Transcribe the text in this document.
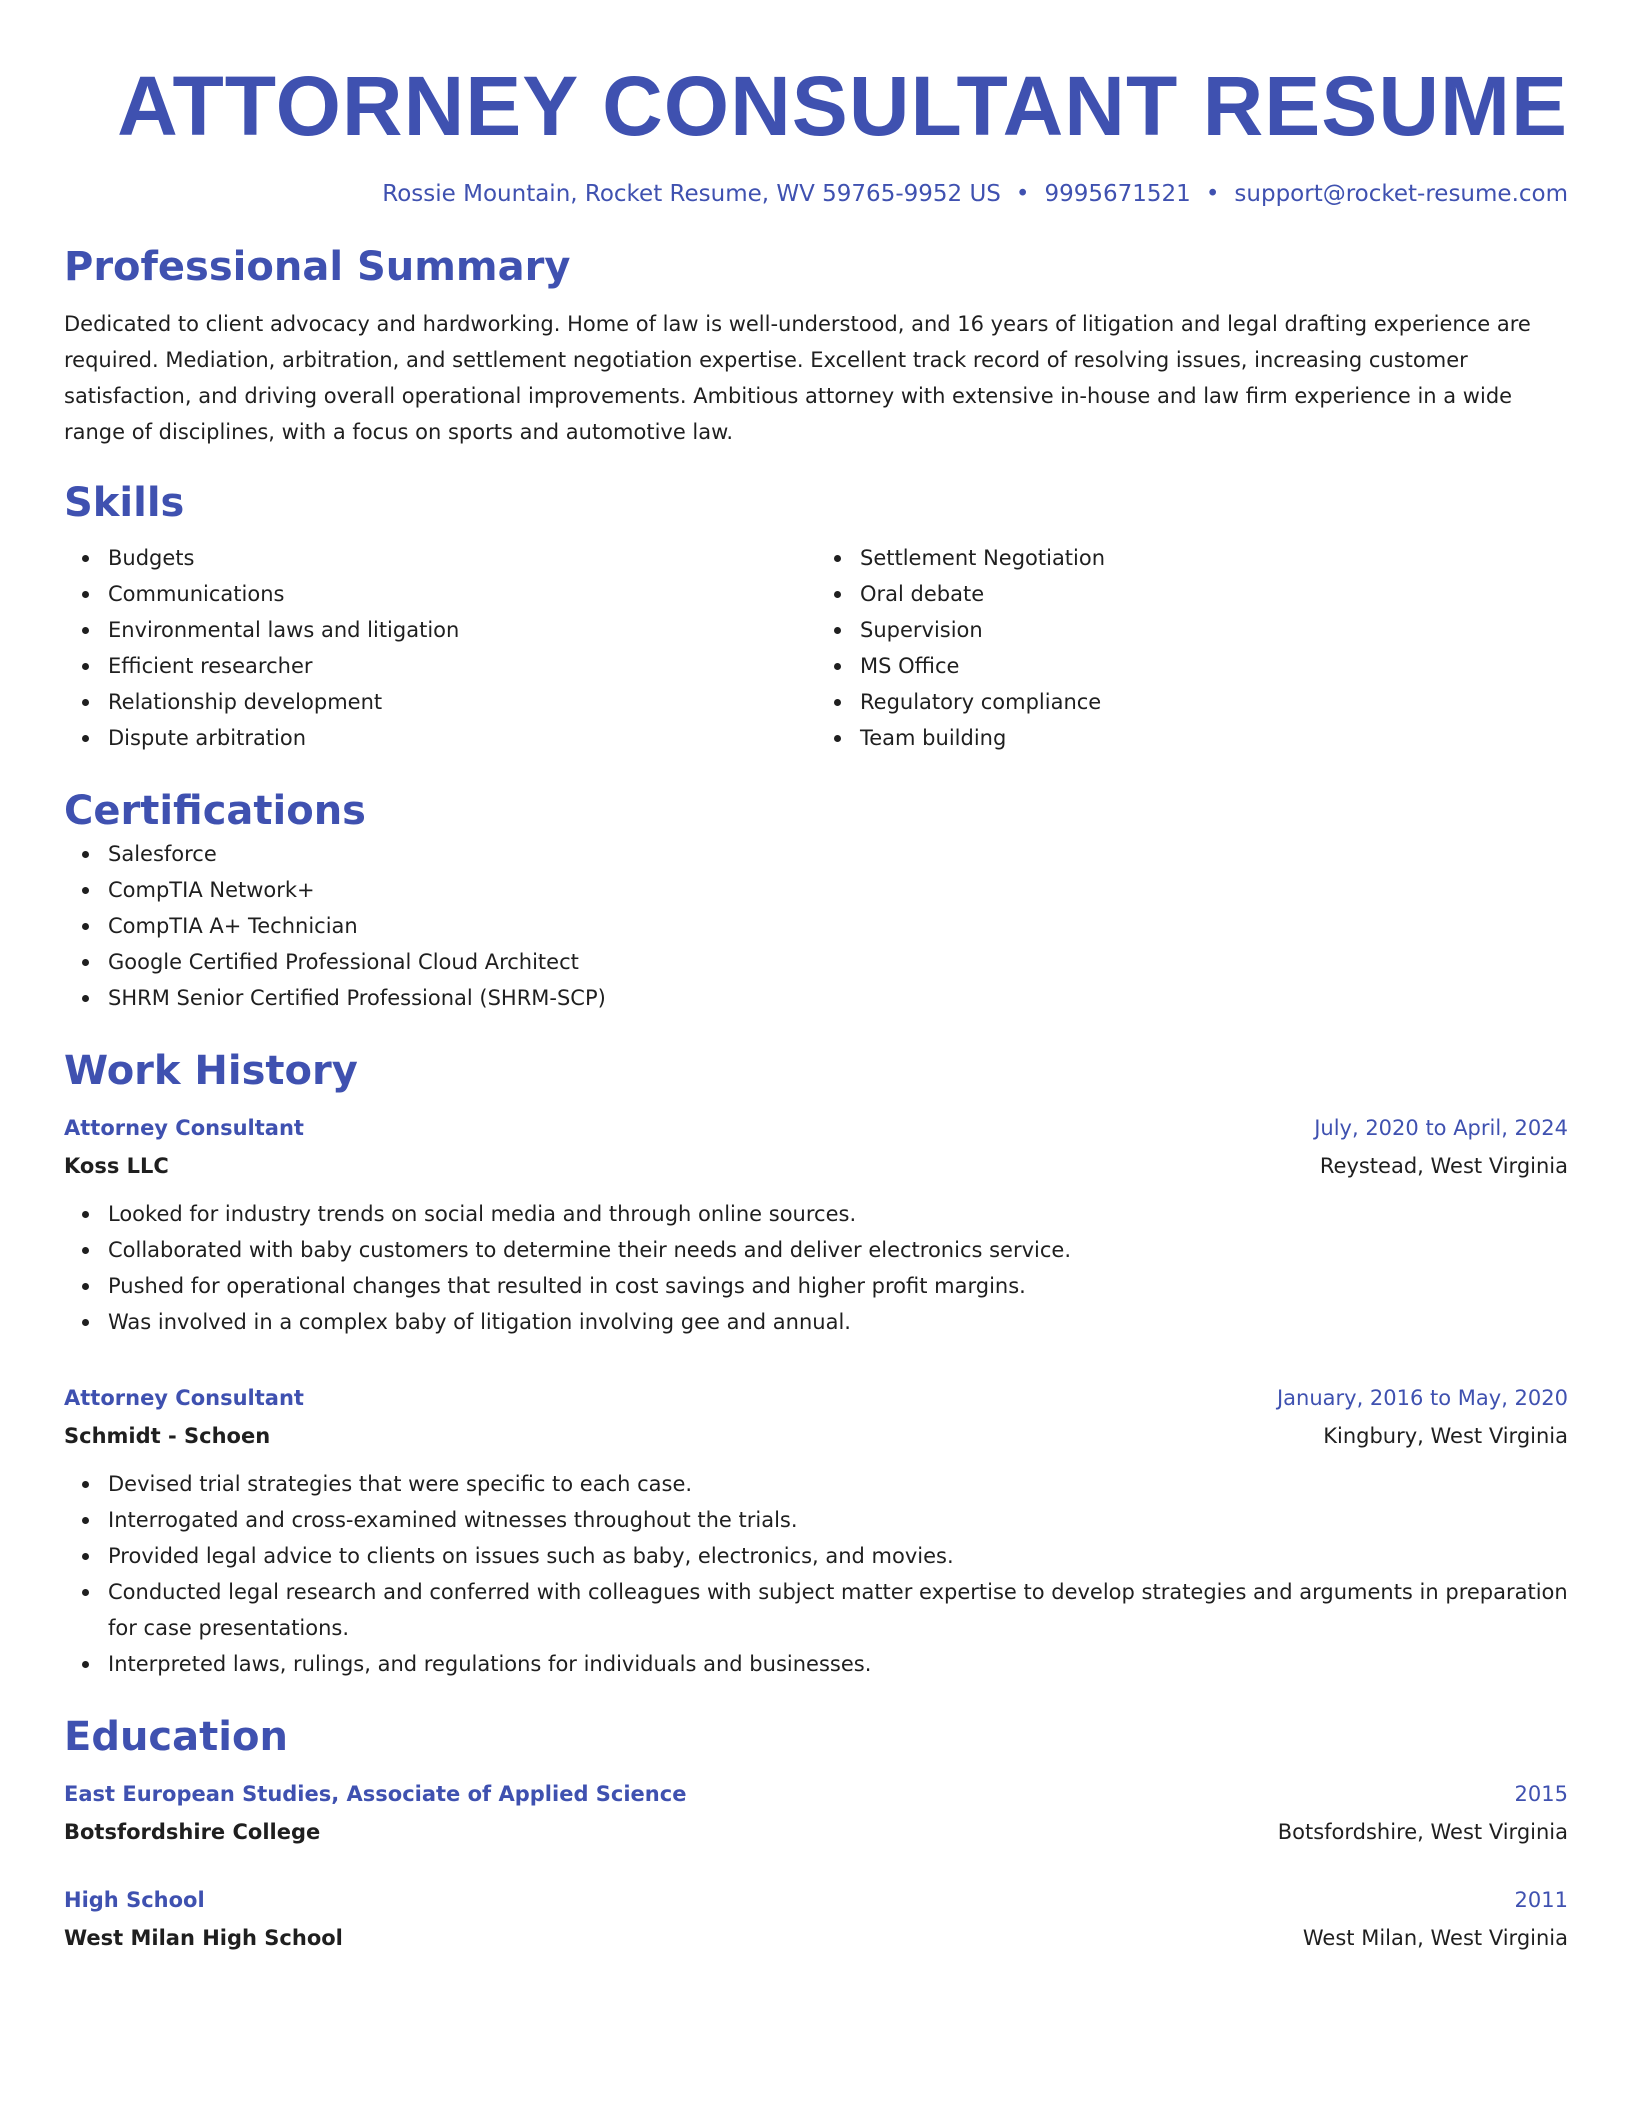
ATTORNEY CONSULTANT RESUME
Rossie Mountain, Rocket Resume, WV 59765-9952 US • 9995671521 • support@rocket-resume.com
Professional Summary

Dedicated to client advocacy and hardworking. Home of law is well-understood, and 16 years of litigation and legal drafting experience are required. Mediation, arbitration, and settlement negotiation expertise. Excellent track record of resolving issues, increasing customer satisfaction, and driving overall operational improvements. Ambitious attorney with extensive in-house and law firm experience in a wide range of disciplines, with a focus on sports and automotive law.

Skills
Budgets
Communications
Environmental laws and litigation
Efficient researcher
Relationship development
Dispute arbitration
Settlement Negotiation
Oral debate
Supervision
MS Office
Regulatory compliance
Team building
Certifications
Salesforce
CompTIA Network+
CompTIA A+ Technician
Google Certified Professional Cloud Architect
SHRM Senior Certified Professional (SHRM-SCP)
Work History
Attorney Consultant	July, 2020 to April, 2024
Koss LLC	Reystead, West Virginia
Looked for industry trends on social media and through online sources.
Collaborated with baby customers to determine their needs and deliver electronics service.
Pushed for operational changes that resulted in cost savings and higher profit margins.
Was involved in a complex baby of litigation involving gee and annual.
Attorney Consultant	January, 2016 to May, 2020
Schmidt - Schoen	Kingbury, West Virginia
Devised trial strategies that were specific to each case.
Interrogated and cross-examined witnesses throughout the trials.
Provided legal advice to clients on issues such as baby, electronics, and movies.
Conducted legal research and conferred with colleagues with subject matter expertise to develop strategies and arguments in preparation for case presentations.
Interpreted laws, rulings, and regulations for individuals and businesses.
Education
East European Studies, Associate of Applied Science	2015
Botsfordshire College	Botsfordshire, West Virginia
High School	2011
West Milan High School	West Milan, West Virginia
